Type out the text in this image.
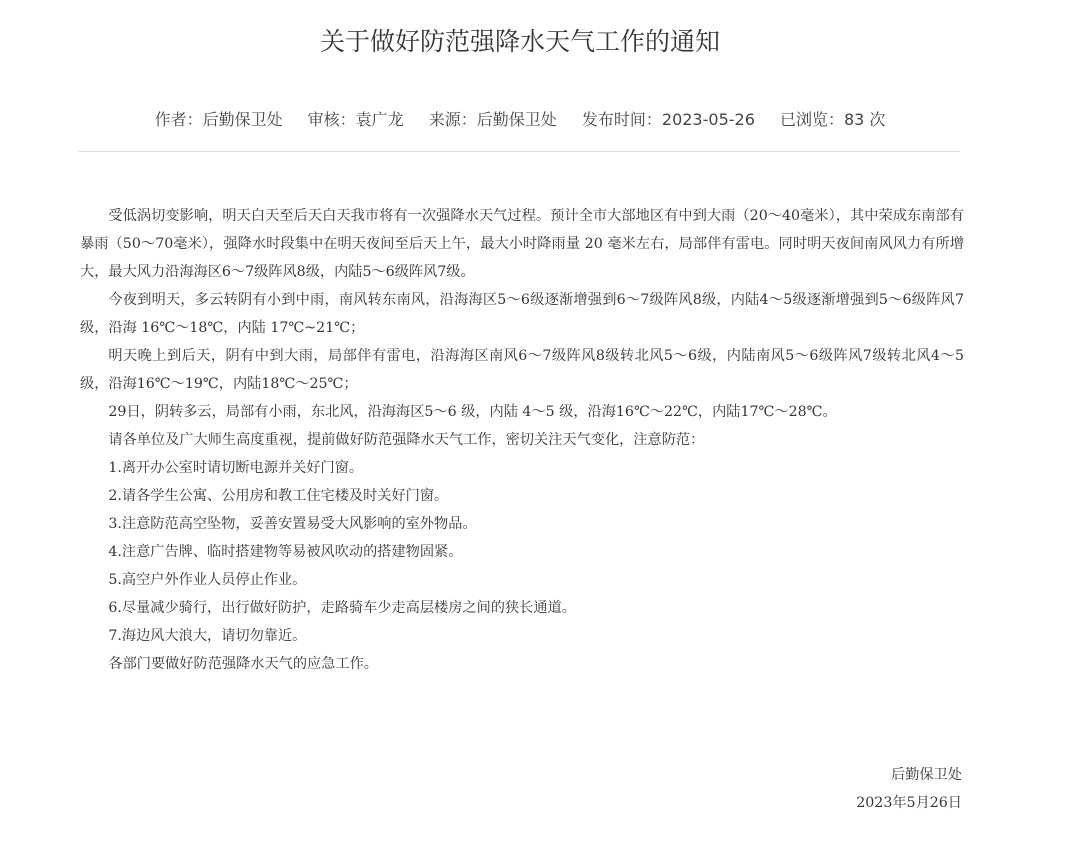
关于做好防范强降水天气工作的通知
作者：后勤保卫处 审核：袁广龙 来源：后勤保卫处 发布时间：2023-05-26 已浏览：83 次

受低涡切变影响，明天白天至后天白天我市将有一次强降水天气过程。预计全市大部地区有中到大雨（20～40毫米），其中荣成东南部有暴雨（50～70毫米），强降水时段集中在明天夜间至后天上午，最大小时降雨量 20 毫米左右，局部伴有雷电。同时明天夜间南风风力有所增大，最大风力沿海海区6～7级阵风8级，内陆5～6级阵风7级。

今夜到明天，多云转阴有小到中雨，南风转东南风，沿海海区5～6级逐渐增强到6～7级阵风8级，内陆4～5级逐渐增强到5～6级阵风7级，沿海 16℃～18℃，内陆 17℃~21℃；

明天晚上到后天，阴有中到大雨，局部伴有雷电，沿海海区南风6～7级阵风8级转北风5～6级，内陆南风5～6级阵风7级转北风4～5级，沿海16℃～19℃，内陆18℃～25℃；

29日，阴转多云，局部有小雨，东北风，沿海海区5～6 级，内陆 4～5 级，沿海16℃～22℃，内陆17℃～28℃。

请各单位及广大师生高度重视，提前做好防范强降水天气工作，密切关注天气变化，注意防范：

1.离开办公室时请切断电源并关好门窗。

2.请各学生公寓、公用房和教工住宅楼及时关好门窗。

3.注意防范高空坠物，妥善安置易受大风影响的室外物品。

4.注意广告牌、临时搭建物等易被风吹动的搭建物固紧。

5.高空户外作业人员停止作业。

6.尽量减少骑行，出行做好防护，走路骑车少走高层楼房之间的狭长通道。

7.海边风大浪大，请切勿靠近。

各部门要做好防范强降水天气的应急工作。

后勤保卫处
2023年5月26日
